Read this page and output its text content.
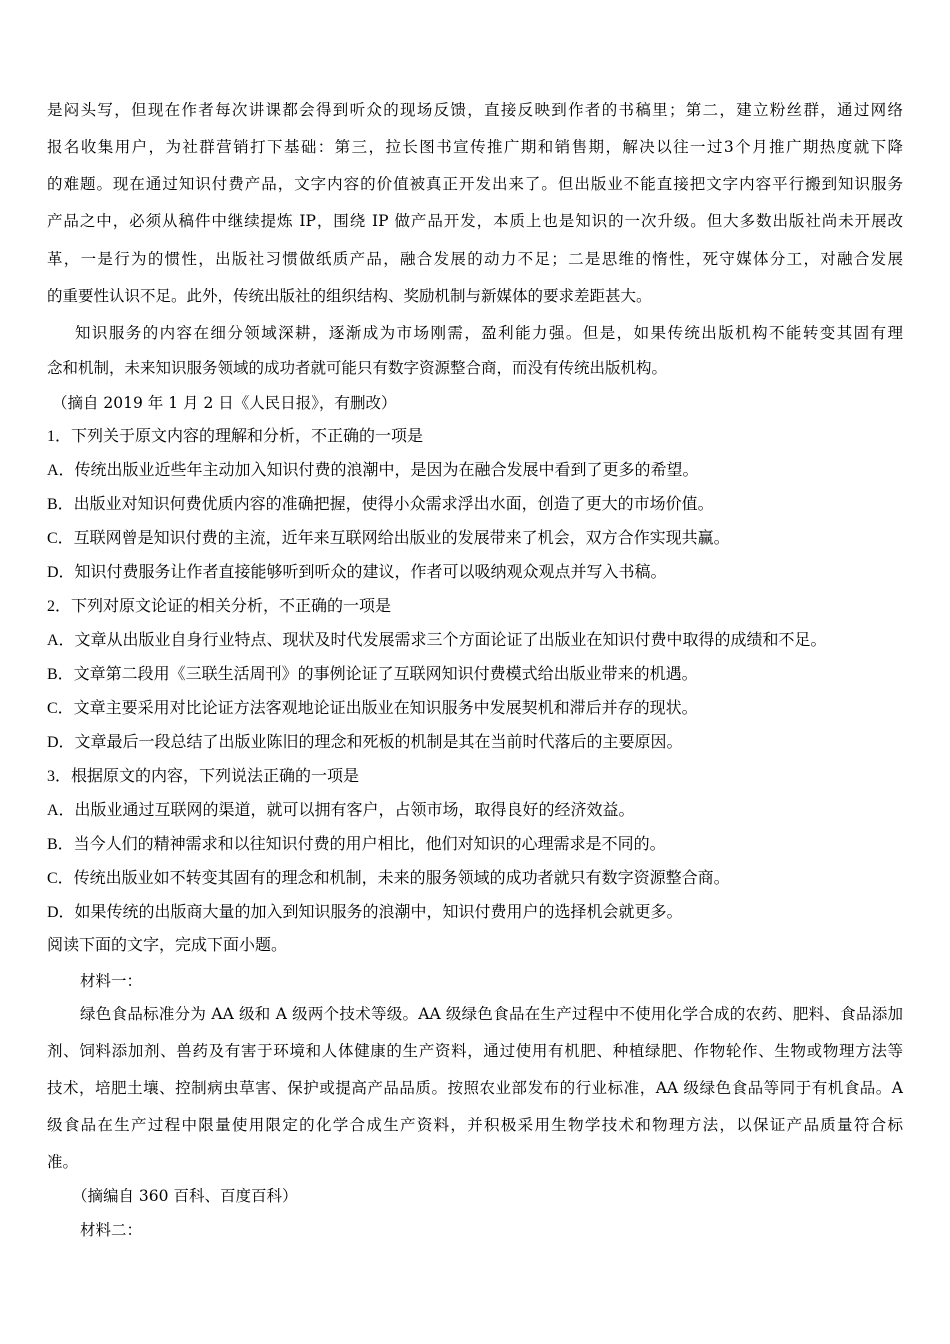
是闷头写，但现在作者每次讲课都会得到听众的现场反馈，直接反映到作者的书稿里；第二，建立粉丝群，通过网络
报名收集用户，为社群营销打下基础：第三，拉长图书宣传推广期和销售期，解决以往一过3个月推广期热度就下降
的难题。现在通过知识付费产品，文字内容的价值被真正开发出来了。但出版业不能直接把文字内容平行搬到知识服务
产品之中，必须从稿件中继续提炼 IP，围绕 IP 做产品开发，本质上也是知识的一次升级。但大多数出版社尚未开展改
革，一是行为的惯性，出版社习惯做纸质产品，融合发展的动力不足；二是思维的惰性，死守媒体分工，对融合发展
的重要性认识不足。此外，传统出版社的组织结构、奖励机制与新媒体的要求差距甚大。
知识服务的内容在细分领域深耕，逐渐成为市场刚需，盈利能力强。但是，如果传统出版机构不能转变其固有理
念和机制，未来知识服务领域的成功者就可能只有数字资源整合商，而没有传统出版机构。
（摘自 2019 年 1 月 2 日《人民日报》，有删改）
1．下列关于原文内容的理解和分析，不正确的一项是
A．传统出版业近些年主动加入知识付费的浪潮中，是因为在融合发展中看到了更多的希望。
B．出版业对知识何费优质内容的准确把握，使得小众需求浮出水面，创造了更大的市场价值。
C．互联网曾是知识付费的主流，近年来互联网给出版业的发展带来了机会，双方合作实现共赢。
D．知识付费服务让作者直接能够听到听众的建议，作者可以吸纳观众观点并写入书稿。
2．下列对原文论证的相关分析，不正确的一项是
A．文章从出版业自身行业特点、现状及时代发展需求三个方面论证了出版业在知识付费中取得的成绩和不足。
B．文章第二段用《三联生活周刊》的事例论证了互联网知识付费模式给出版业带来的机遇。
C．文章主要采用对比论证方法客观地论证出版业在知识服务中发展契机和滞后并存的现状。
D．文章最后一段总结了出版业陈旧的理念和死板的机制是其在当前时代落后的主要原因。
3．根据原文的内容，下列说法正确的一项是
A．出版业通过互联网的渠道，就可以拥有客户，占领市场，取得良好的经济效益。
B．当今人们的精神需求和以往知识付费的用户相比，他们对知识的心理需求是不同的。
C．传统出版业如不转变其固有的理念和机制，未来的服务领域的成功者就只有数字资源整合商。
D．如果传统的出版商大量的加入到知识服务的浪潮中，知识付费用户的选择机会就更多。
阅读下面的文字，完成下面小题。
材料一：
绿色食品标准分为 AA 级和 A 级两个技术等级。AA 级绿色食品在生产过程中不使用化学合成的农药、肥料、食品添加
剂、饲料添加剂、兽药及有害于环境和人体健康的生产资料，通过使用有机肥、种植绿肥、作物轮作、生物或物理方法等
技术，培肥土壤、控制病虫草害、保护或提高产品品质。按照农业部发布的行业标准，AA 级绿色食品等同于有机食品。A
级食品在生产过程中限量使用限定的化学合成生产资料，并积极采用生物学技术和物理方法，以保证产品质量符合标
准。
（摘编自 360 百科、百度百科）
材料二：
